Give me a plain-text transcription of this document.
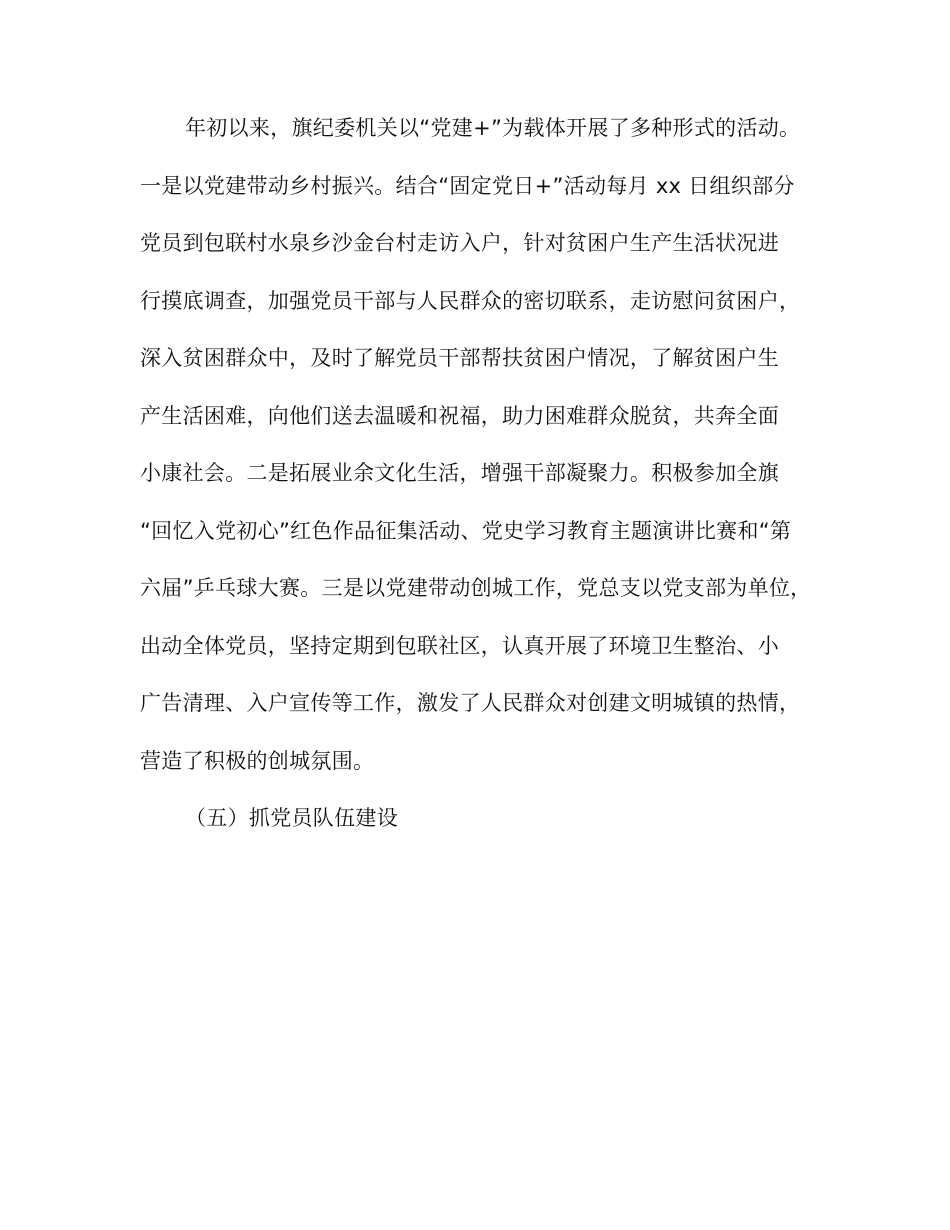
年初以来，旗纪委机关以“党建+”为载体开展了多种形式的活动。
一是以党建带动乡村振兴。结合“固定党日+”活动每月 xx 日组织部分
党员到包联村水泉乡沙金台村走访入户，针对贫困户生产生活状况进
行摸底调查，加强党员干部与人民群众的密切联系，走访慰问贫困户，
深入贫困群众中，及时了解党员干部帮扶贫困户情况，了解贫困户生
产生活困难，向他们送去温暖和祝福，助力困难群众脱贫，共奔全面
小康社会。二是拓展业余文化生活，增强干部凝聚力。积极参加全旗
“回忆入党初心”红色作品征集活动、党史学习教育主题演讲比赛和“第
六届”乒乓球大赛。三是以党建带动创城工作，党总支以党支部为单位，
出动全体党员，坚持定期到包联社区，认真开展了环境卫生整治、小
广告清理、入户宣传等工作，激发了人民群众对创建文明城镇的热情，
营造了积极的创城氛围。
（五）抓党员队伍建设
